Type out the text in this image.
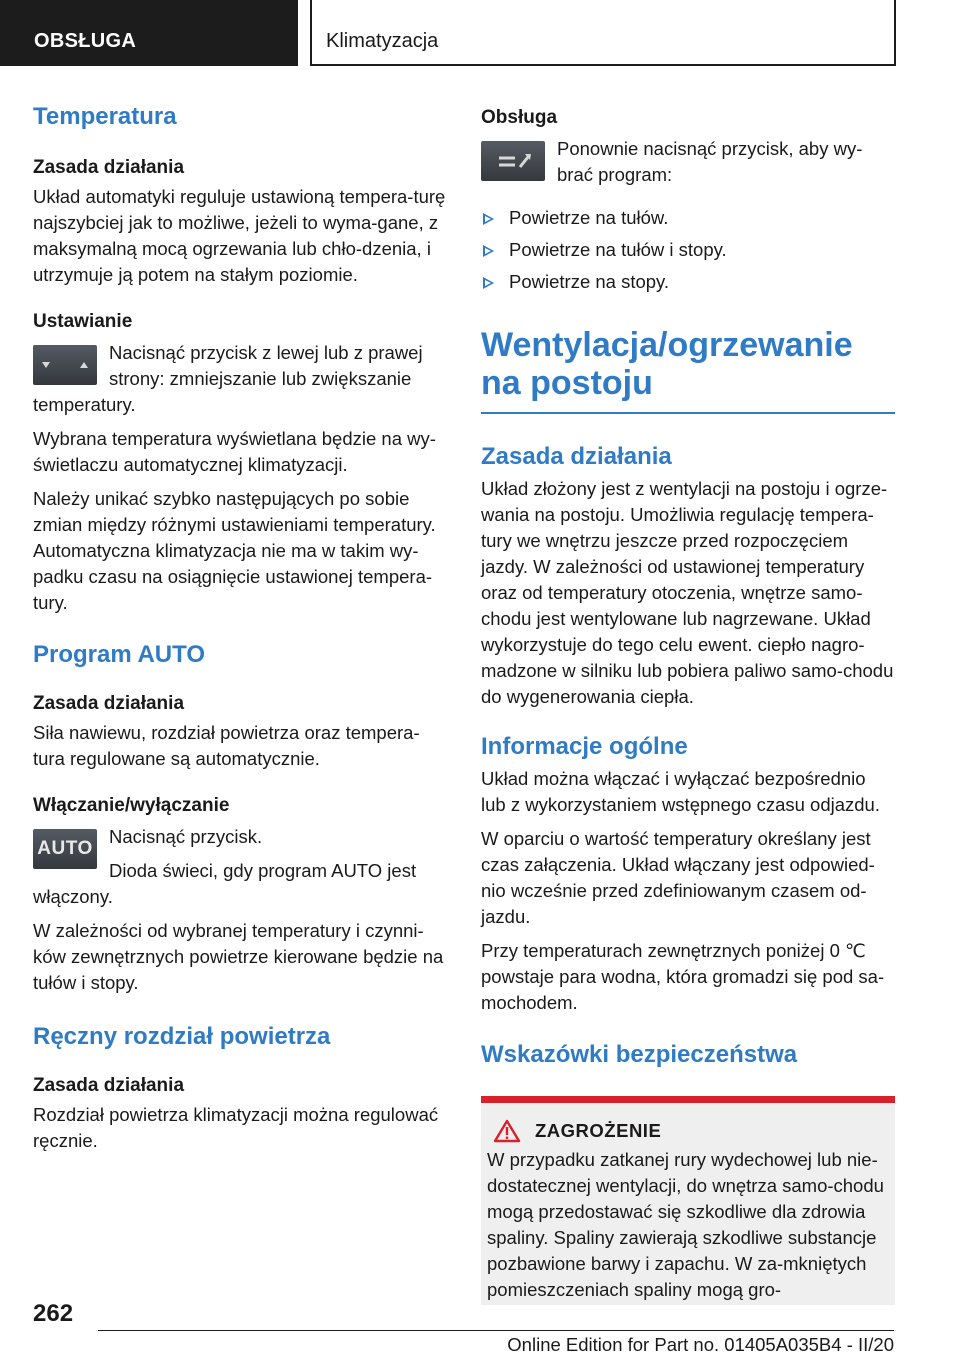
OBSŁUGA	Klimatyzacja
Temperatura
Zasada działania
Układ automatyki reguluje ustawioną tempera-turę najszybciej jak to możliwe, jeżeli to wyma-gane, z maksymalną mocą ogrzewania lub chło-dzenia, i utrzymuje ją potem na stałym poziomie.
Ustawianie
Nacisnąć przycisk z lewej lub z prawej strony: zmniejszanie lub zwiększanie temperatury.
Wybrana temperatura wyświetlana będzie na wy-świetlaczu automatycznej klimatyzacji.
Należy unikać szybko następujących po sobie zmian między różnymi ustawieniami temperatury. Automatyczna klimatyzacja nie ma w takim wy-padku czasu na osiągnięcie ustawionej tempera-tury.
Program AUTO
Zasada działania
Siła nawiewu, rozdział powietrza oraz tempera-tura regulowane są automatycznie.
Włączanie/wyłączanie
AUTO
Nacisnąć przycisk.
Dioda świeci, gdy program AUTO jest włączony.
W zależności od wybranej temperatury i czynni-ków zewnętrznych powietrze kierowane będzie na tułów i stopy.
Ręczny rozdział powietrza
Zasada działania
Rozdział powietrza klimatyzacji można regulować ręcznie.
Obsługa
Ponownie nacisnąć przycisk, aby wy-brać program:
Powietrze na tułów.
Powietrze na tułów i stopy.
Powietrze na stopy.
Wentylacja/ogrzewanie na postoju
Zasada działania
Układ złożony jest z wentylacji na postoju i ogrze-wania na postoju. Umożliwia regulację tempera-tury we wnętrzu jeszcze przed rozpoczęciem jazdy. W zależności od ustawionej temperatury oraz od temperatury otoczenia, wnętrze samo-chodu jest wentylowane lub nagrzewane. Układ wykorzystuje do tego celu ewent. ciepło nagro-madzone w silniku lub pobiera paliwo samo-chodu do wygenerowania ciepła.
Informacje ogólne
Układ można włączać i wyłączać bezpośrednio lub z wykorzystaniem wstępnego czasu odjazdu.
W oparciu o wartość temperatury określany jest czas załączenia. Układ włączany jest odpowied-nio wcześnie przed zdefiniowanym czasem od-jazdu.
Przy temperaturach zewnętrznych poniżej 0 ℃ powstaje para wodna, która gromadzi się pod sa-mochodem.
Wskazówki bezpieczeństwa
ZAGROŻENIE
W przypadku zatkanej rury wydechowej lub nie-dostatecznej wentylacji, do wnętrza samo-chodu mogą przedostawać się szkodliwe dla zdrowia spaliny. Spaliny zawierają szkodliwe substancje pozbawione barwy i zapachu. W za-mkniętych pomieszczeniach spaliny mogą gro-
262
Online Edition for Part no. 01405A035B4 - II/20
